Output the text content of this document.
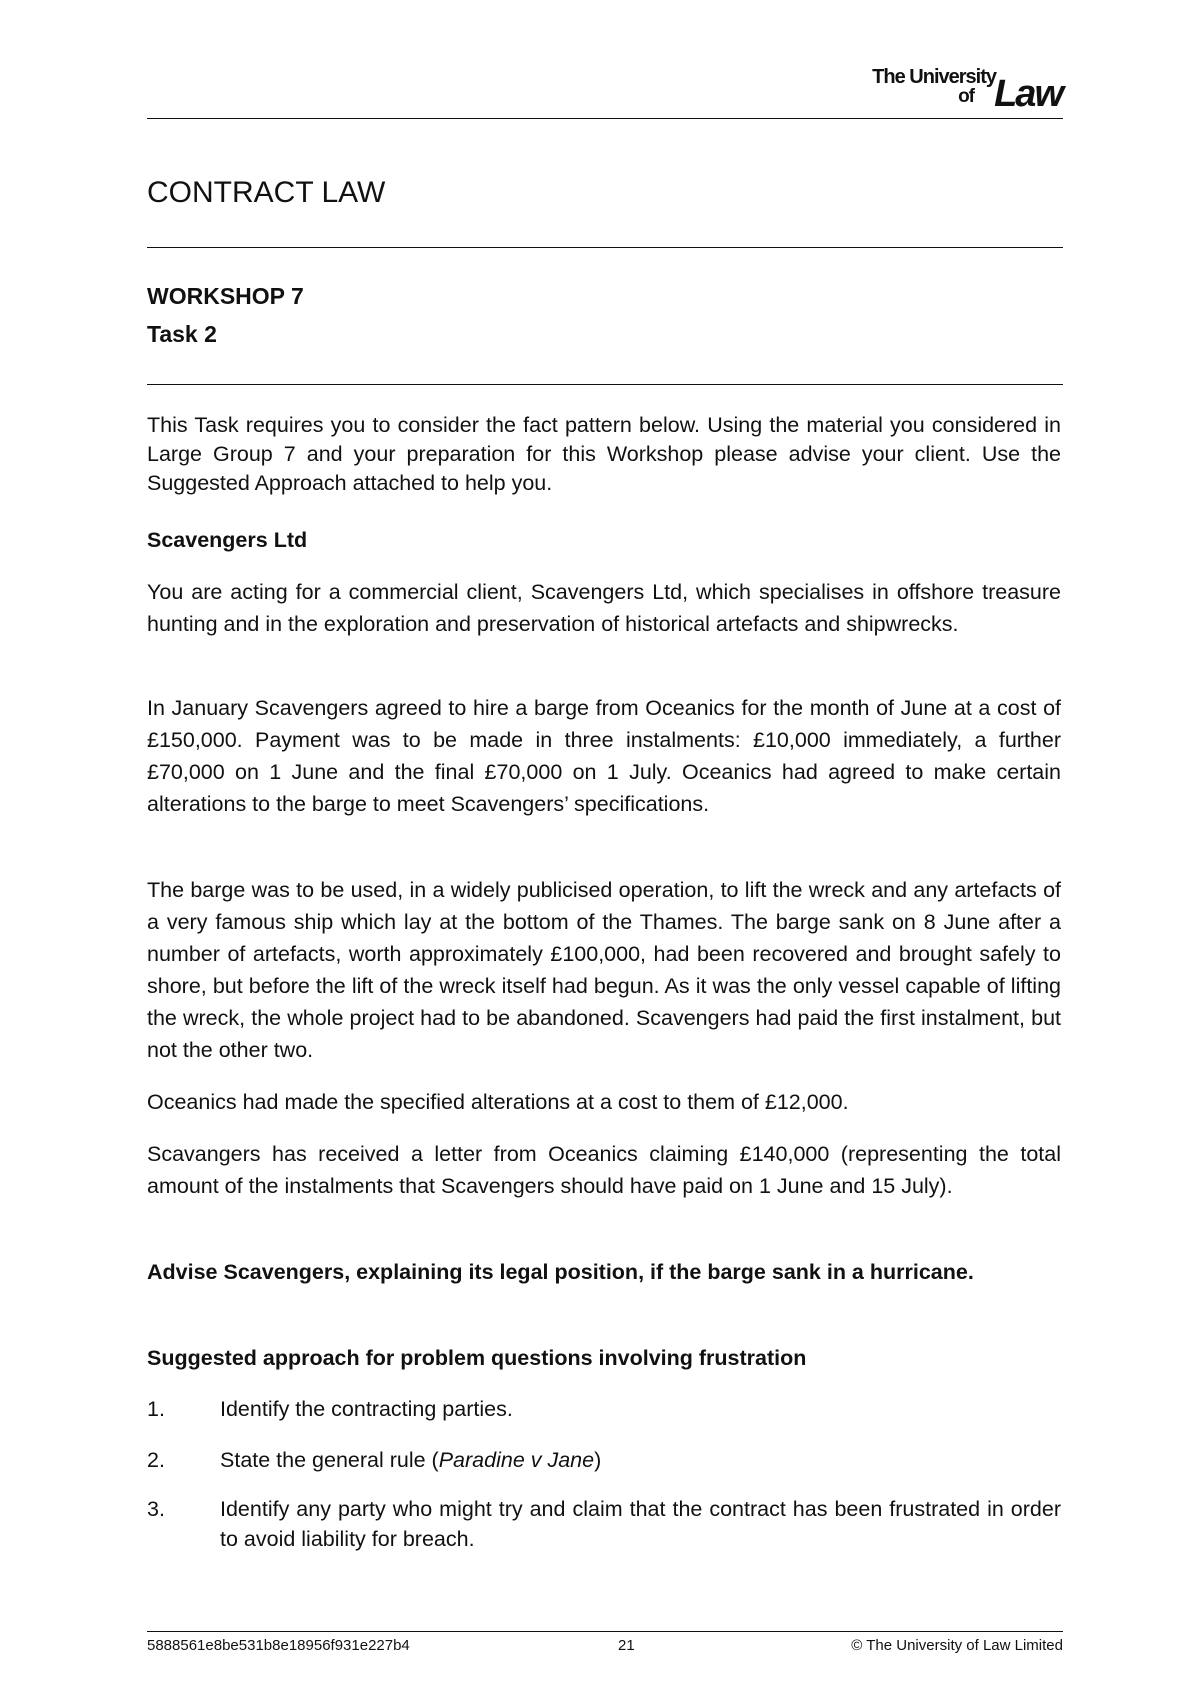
The University
of Law
CONTRACT LAW
WORKSHOP 7
Task 2
This Task requires you to consider the fact pattern below. Using the material you considered in Large Group 7 and your preparation for this Workshop please advise your client. Use the Suggested Approach attached to help you.
Scavengers Ltd
You are acting for a commercial client, Scavengers Ltd, which specialises in offshore treasure hunting and in the exploration and preservation of historical artefacts and shipwrecks.
In January Scavengers agreed to hire a barge from Oceanics for the month of June at a cost of £150,000. Payment was to be made in three instalments: £10,000 immediately, a further £70,000 on 1 June and the final £70,000 on 1 July. Oceanics had agreed to make certain alterations to the barge to meet Scavengers’ specifications.
The barge was to be used, in a widely publicised operation, to lift the wreck and any artefacts of a very famous ship which lay at the bottom of the Thames. The barge sank on 8 June after a number of artefacts, worth approximately £100,000, had been recovered and brought safely to shore, but before the lift of the wreck itself had begun. As it was the only vessel capable of lifting the wreck, the whole project had to be abandoned. Scavengers had paid the first instalment, but not the other two.
Oceanics had made the specified alterations at a cost to them of £12,000.
Scavangers has received a letter from Oceanics claiming £140,000 (representing the total amount of the instalments that Scavengers should have paid on 1 June and 15 July).
Advise Scavengers, explaining its legal position, if the barge sank in a hurricane.
Suggested approach for problem questions involving frustration
1.	Identify the contracting parties.
2.	State the general rule (Paradine v Jane)
3.	Identify any party who might try and claim that the contract has been frustrated in order to avoid liability for breach.
5888561e8be531b8e18956f931e227b4	21	© The University of Law Limited
